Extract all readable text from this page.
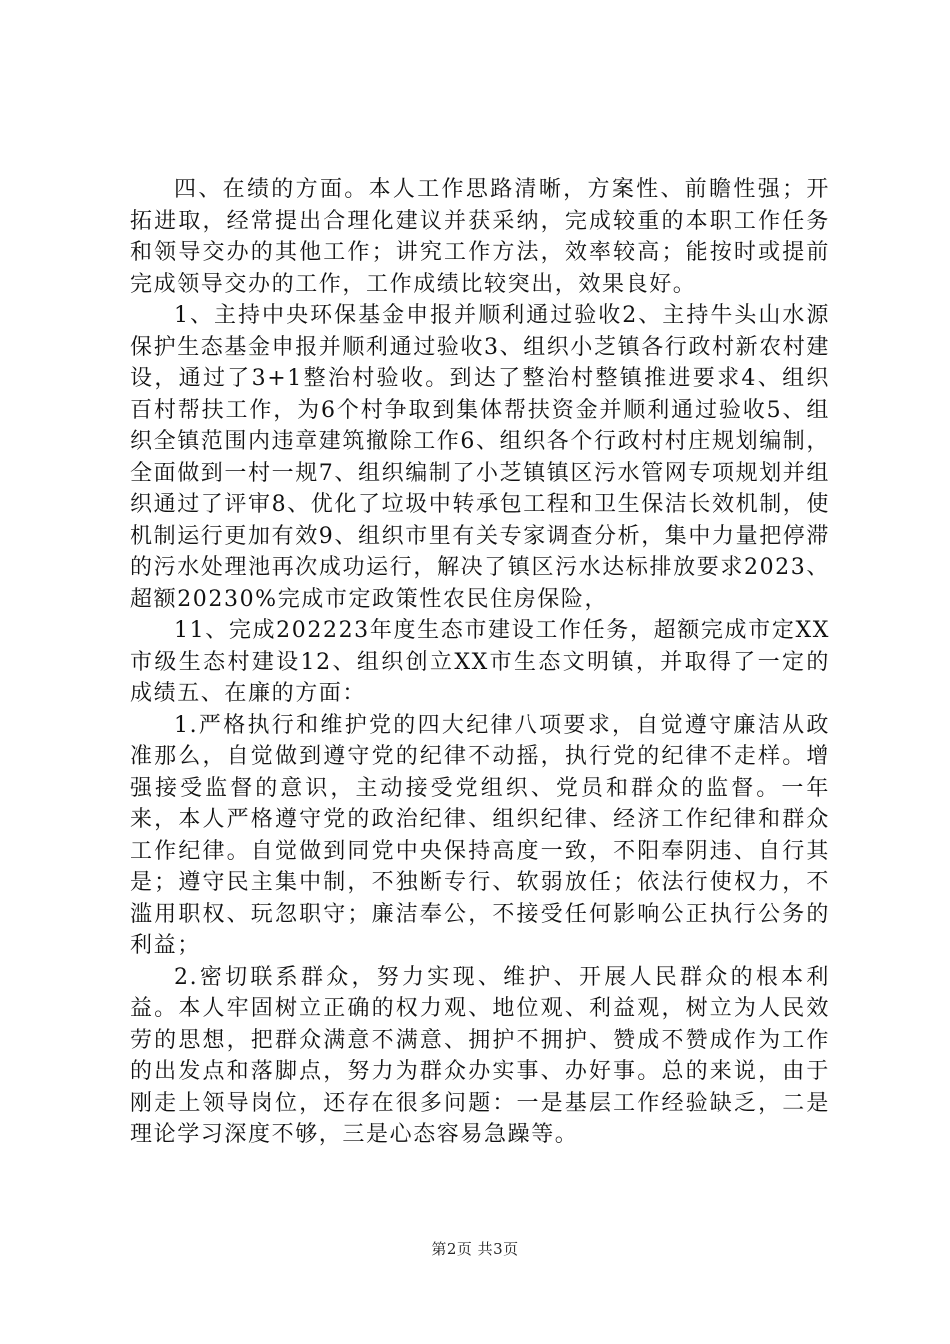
四、在绩的方面。本人工作思路清晰，方案性、前瞻性强；开拓进取，经常提出合理化建议并获采纳，完成较重的本职工作任务和领导交办的其他工作；讲究工作方法，效率较高；能按时或提前完成领导交办的工作，工作成绩比较突出，效果良好。

1、主持中央环保基金申报并顺利通过验收2、主持牛头山水源保护生态基金申报并顺利通过验收3、组织小芝镇各行政村新农村建设，通过了3+1整治村验收。到达了整治村整镇推进要求4、组织百村帮扶工作，为6个村争取到集体帮扶资金并顺利通过验收5、组织全镇范围内违章建筑撤除工作6、组织各个行政村村庄规划编制，全面做到一村一规7、组织编制了小芝镇镇区污水管网专项规划并组织通过了评审8、优化了垃圾中转承包工程和卫生保洁长效机制，使机制运行更加有效9、组织市里有关专家调查分析，集中力量把停滞的污水处理池再次成功运行，解决了镇区污水达标排放要求2023、超额20230%完成市定政策性农民住房保险，

11、完成202223年度生态市建设工作任务，超额完成市定XX市级生态村建设12、组织创立XX市生态文明镇，并取得了一定的成绩五、在廉的方面：

1.严格执行和维护党的四大纪律八项要求，自觉遵守廉洁从政准那么，自觉做到遵守党的纪律不动摇，执行党的纪律不走样。增强接受监督的意识，主动接受党组织、党员和群众的监督。一年来，本人严格遵守党的政治纪律、组织纪律、经济工作纪律和群众工作纪律。自觉做到同党中央保持高度一致，不阳奉阴违、自行其是；遵守民主集中制，不独断专行、软弱放任；依法行使权力，不滥用职权、玩忽职守；廉洁奉公，不接受任何影响公正执行公务的利益；

2.密切联系群众，努力实现、维护、开展人民群众的根本利益。本人牢固树立正确的权力观、地位观、利益观，树立为人民效劳的思想，把群众满意不满意、拥护不拥护、赞成不赞成作为工作的出发点和落脚点，努力为群众办实事、办好事。总的来说，由于刚走上领导岗位，还存在很多问题：一是基层工作经验缺乏，二是理论学习深度不够，三是心态容易急躁等。

第2页 共3页
